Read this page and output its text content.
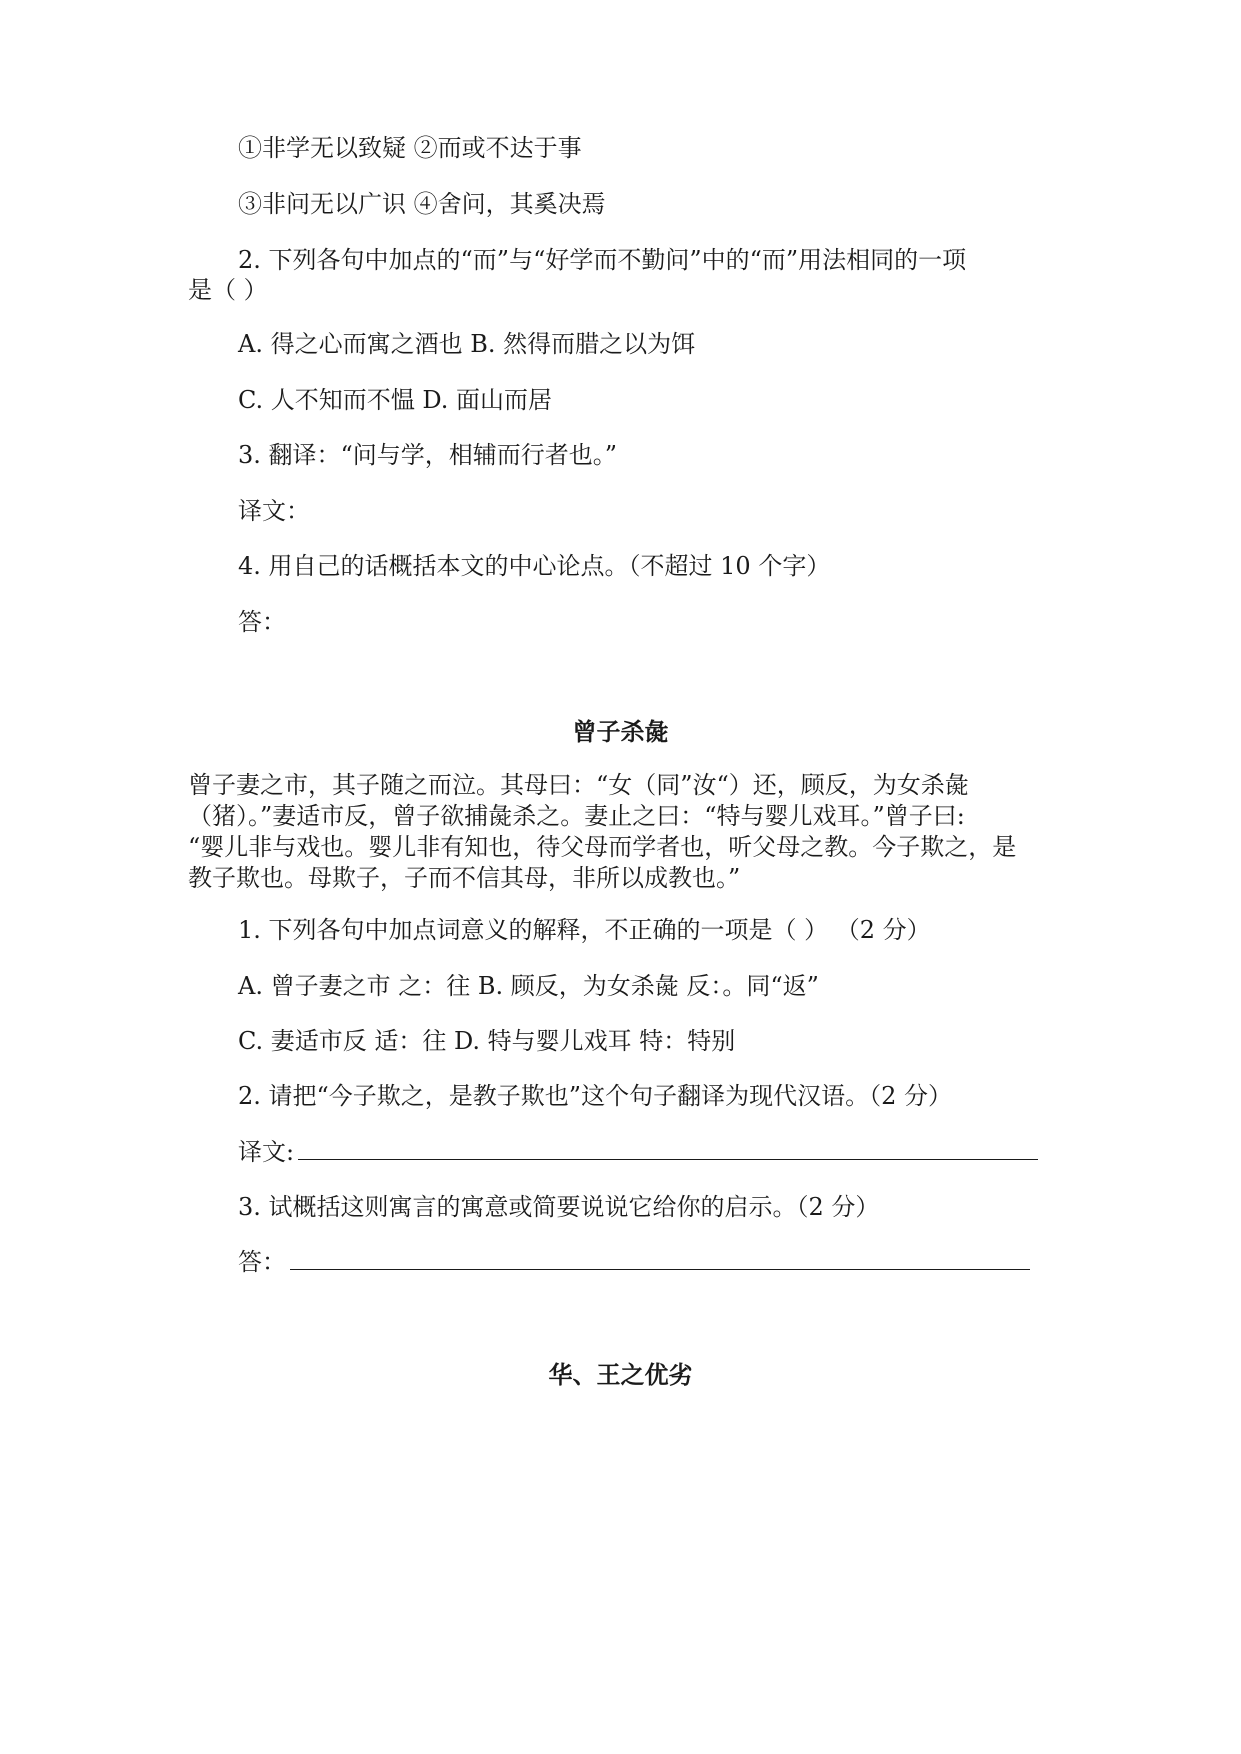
①非学无以致疑 ②而或不达于事
③非问无以广识 ④舍问，其奚决焉
2. 下列各句中加点的“而”与“好学而不勤问”中的“而”用法相同的一项
是（ ）
A. 得之心而寓之酒也 B. 然得而腊之以为饵
C. 人不知而不愠 D. 面山而居
3. 翻译：“问与学，相辅而行者也。”
译文：
4. 用自己的话概括本文的中心论点。（不超过 10 个字）
答：
曾子杀彘
曾子妻之市，其子随之而泣。其母曰：“女（同”汝“）还，顾反，为女杀彘
（猪）。”妻适市反，曾子欲捕彘杀之。妻止之曰：“特与婴儿戏耳。”曾子曰:
“婴儿非与戏也。婴儿非有知也，待父母而学者也，听父母之教。今子欺之，是
教子欺也。母欺子，子而不信其母，非所以成教也。”
1. 下列各句中加点词意义的解释，不正确的一项是（ ） （2 分）
A. 曾子妻之市 之：往 B. 顾反，为女杀彘 反：。同“返”
C. 妻适市反 适：往 D. 特与婴儿戏耳 特：特别
2. 请把“今子欺之，是教子欺也”这个句子翻译为现代汉语。（2 分）
译文:
3. 试概括这则寓言的寓意或简要说说它给你的启示。（2 分）
答：
华、王之优劣
